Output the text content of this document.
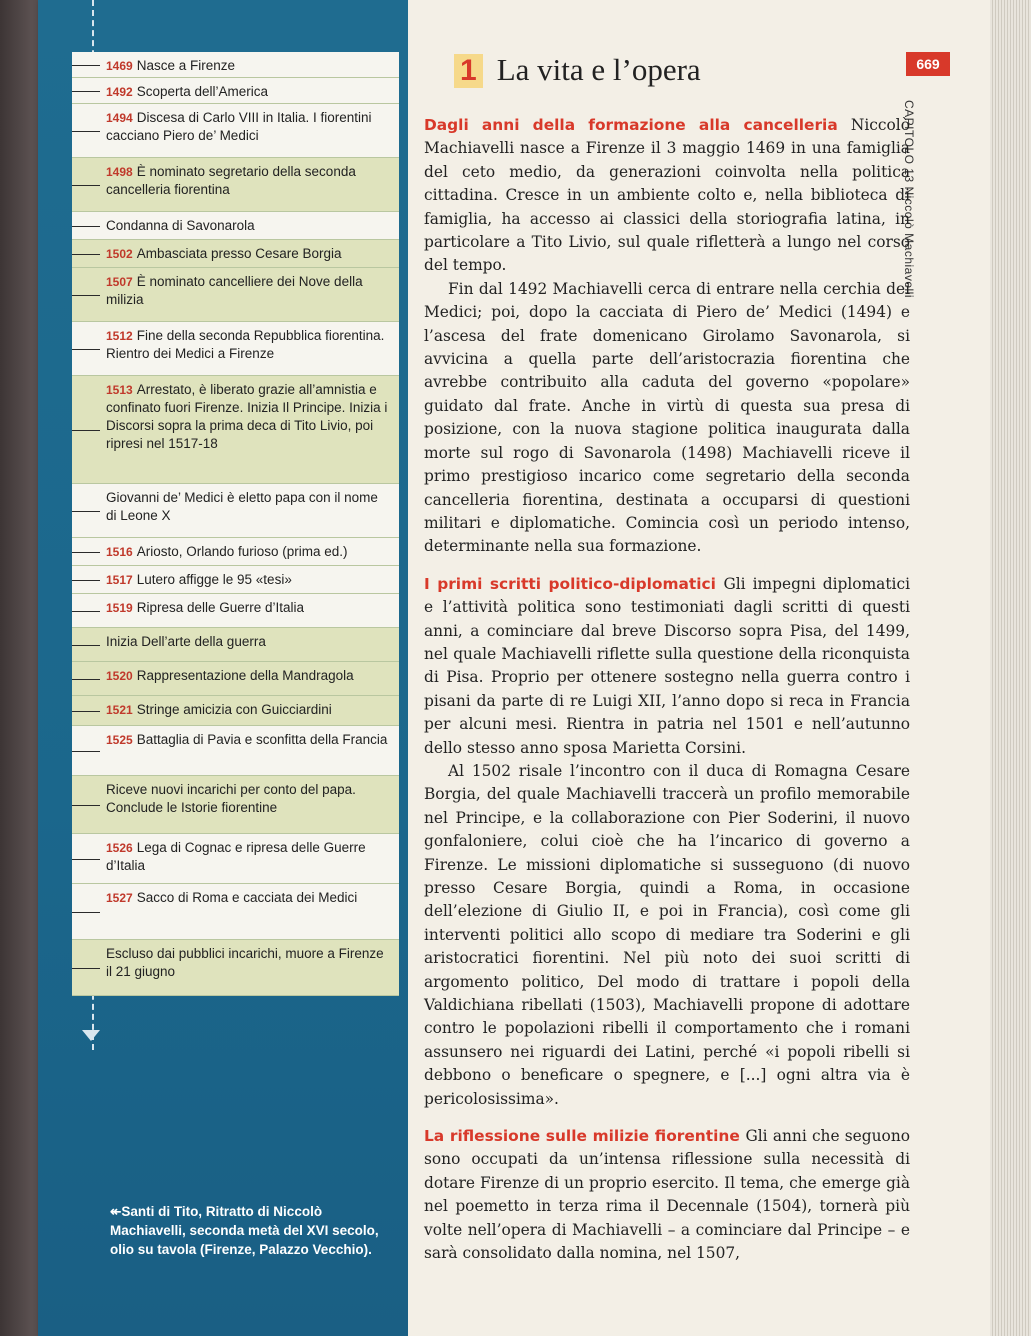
1469 Nasce a Firenze
1492 Scoperta dell’America
1494 Discesa di Carlo VIII in Italia. I fiorentini cacciano Piero de’ Medici
1498 È nominato segretario della seconda cancelleria fiorentina
Condanna di Savonarola
1502 Ambasciata presso Cesare Borgia
1507 È nominato cancelliere dei Nove della milizia
1512 Fine della seconda Repubblica fiorentina. Rientro dei Medici a Firenze
1513 Arrestato, è liberato grazie all’amnistia e confinato fuori Firenze. Inizia Il Principe. Inizia i Discorsi sopra la prima deca di Tito Livio, poi ripresi nel 1517-18
Giovanni de’ Medici è eletto papa con il nome di Leone X
1516 Ariosto, Orlando furioso (prima ed.)
1517 Lutero affigge le 95 «tesi»
1519 Ripresa delle Guerre d’Italia
Inizia Dell’arte della guerra
1520 Rappresentazione della Mandragola
1521 Stringe amicizia con Guicciardini
1525 Battaglia di Pavia e sconfitta della Francia
Riceve nuovi incarichi per conto del papa. Conclude le Istorie fiorentine
1526 Lega di Cognac e ripresa delle Guerre d’Italia
1527 Sacco di Roma e cacciata dei Medici
Escluso dai pubblici incarichi, muore a Firenze il 21 giugno
↞Santi di Tito, Ritratto di Niccolò Machiavelli, seconda metà del XVI secolo, olio su tavola (Firenze, Palazzo Vecchio).
669
CAPITOLO 13 Niccolò Machiavelli
1 La vita e l’opera

Dagli anni della formazione alla cancelleria Niccolò Machiavelli nasce a Firenze il 3 maggio 1469 in una famiglia del ceto medio, da generazioni coinvolta nella politica cittadina. Cresce in un ambiente colto e, nella biblioteca di famiglia, ha accesso ai classici della storiografia latina, in particolare a Tito Livio, sul quale rifletterà a lungo nel corso del tempo.

Fin dal 1492 Machiavelli cerca di entrare nella cerchia dei Medici; poi, dopo la cacciata di Piero de’ Medici (1494) e l’ascesa del frate domenicano Girolamo Savonarola, si avvicina a quella parte dell’aristocrazia fiorentina che avrebbe contribuito alla caduta del governo «popolare» guidato dal frate. Anche in virtù di questa sua presa di posizione, con la nuova stagione politica inaugurata dalla morte sul rogo di Savonarola (1498) Machiavelli riceve il primo prestigioso incarico come segretario della seconda cancelleria fiorentina, destinata a occuparsi di questioni militari e diplomatiche. Comincia così un periodo intenso, determinante nella sua formazione.

I primi scritti politico-diplomatici Gli impegni diplomatici e l’attività politica sono testimoniati dagli scritti di questi anni, a cominciare dal breve Discorso sopra Pisa, del 1499, nel quale Machiavelli riflette sulla questione della riconquista di Pisa. Proprio per ottenere sostegno nella guerra contro i pisani da parte di re Luigi XII, l’anno dopo si reca in Francia per alcuni mesi. Rientra in patria nel 1501 e nell’autunno dello stesso anno sposa Marietta Corsini.

Al 1502 risale l’incontro con il duca di Romagna Cesare Borgia, del quale Machiavelli traccerà un profilo memorabile nel Principe, e la collaborazione con Pier Soderini, il nuovo gonfaloniere, colui cioè che ha l’incarico di governo a Firenze. Le missioni diplomatiche si susseguono (di nuovo presso Cesare Borgia, quindi a Roma, in occasione dell’elezione di Giulio II, e poi in Francia), così come gli interventi politici allo scopo di mediare tra Soderini e gli aristocratici fiorentini. Nel più noto dei suoi scritti di argomento politico, Del modo di trattare i popoli della Valdichiana ribellati (1503), Machiavelli propone di adottare contro le popolazioni ribelli il comportamento che i romani assunsero nei riguardi dei Latini, perché «i popoli ribelli si debbono o beneficare o spegnere, e [...] ogni altra via è pericolosissima».

La riflessione sulle milizie fiorentine Gli anni che seguono sono occupati da un’intensa riflessione sulla necessità di dotare Firenze di un proprio esercito. Il tema, che emerge già nel poemetto in terza rima il Decennale (1504), tornerà più volte nell’opera di Machiavelli – a cominciare dal Principe – e sarà consolidato dalla nomina, nel 1507,
